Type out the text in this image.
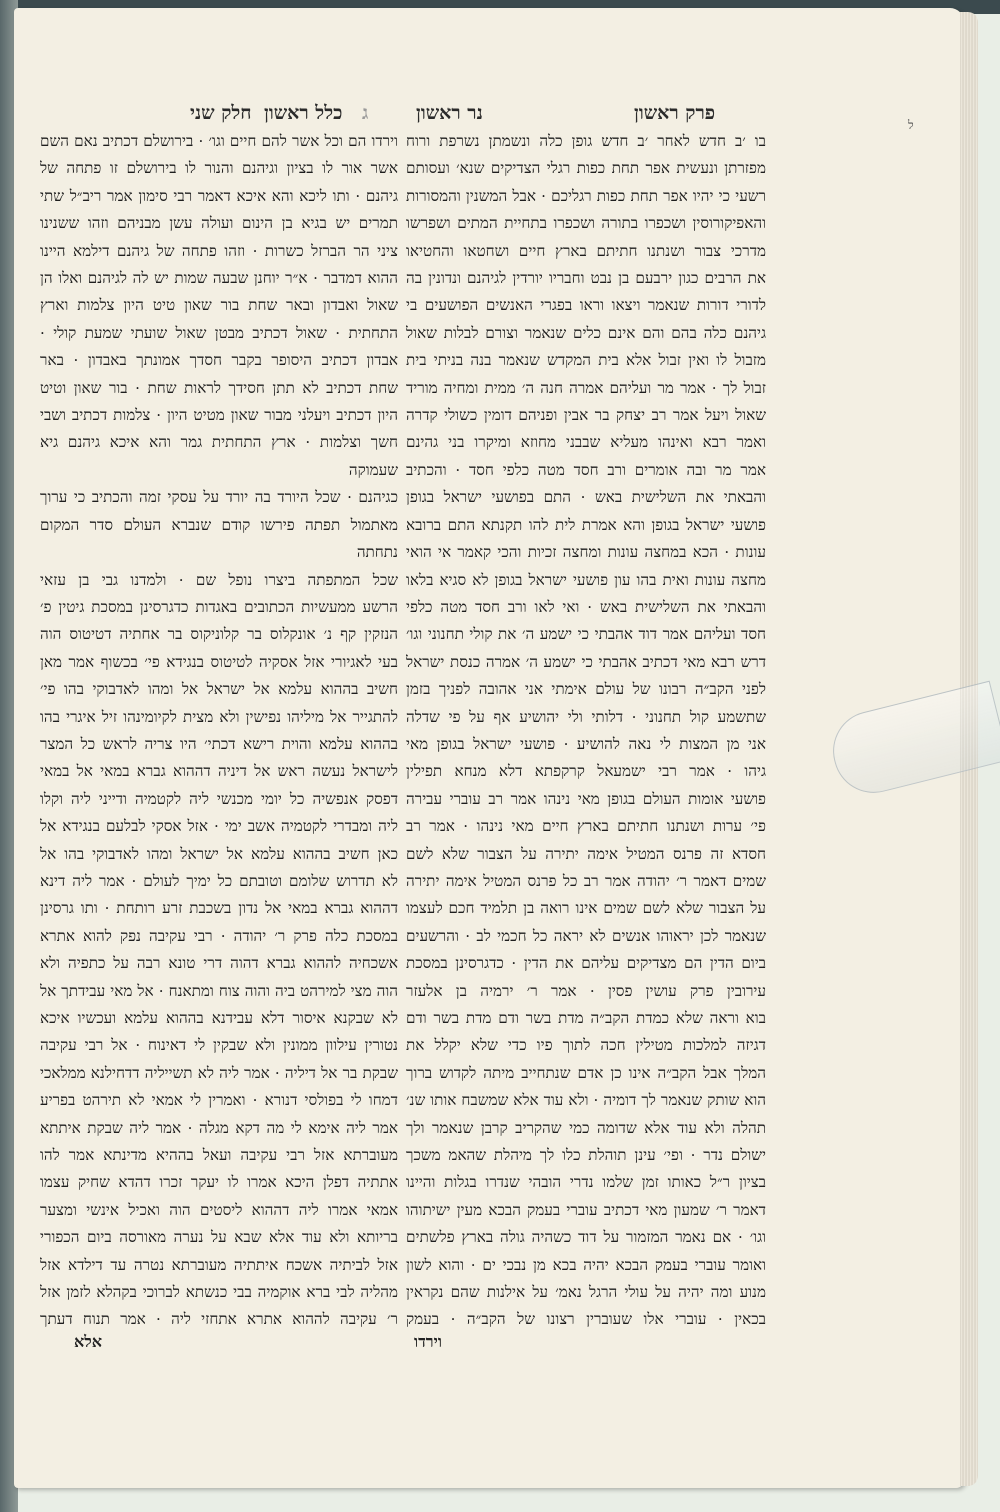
ל
פרק ראשון
נר ראשון
ג
כלל ראשון
חלק שני

בו ׳ב חדש לאחר ׳ב חדש גופן כלה ונשמתן נשרפת ורוח

מפזרתן ונעשית אפר תחת כפות רגלי הצדיקים שנא׳ ועסותם

רשעי כי יהיו אפר תחת כפות רגליכם · אבל המשנין והמסורות

והאפיקורוסין ושכפרו בתורה ושכפרו בתחיית המתים ושפרשו

מדרכי צבור ושנתנו חתיתם בארץ חיים ושחטאו והחטיאו

את הרבים כגון ירבעם בן נבט וחבריו יורדין לגיהנם ונדונין בה

לדורי דורות שנאמר ויצאו וראו בפגרי האנשים הפושעים בי

גיהנם כלה בהם והם אינם כלים שנאמר וצורם לבלות שאול

מזבול לו ואין זבול אלא בית המקדש שנאמר בנה בניתי בית

זבול לך · אמר מר ועליהם אמרה חנה ה׳ ממית ומחיה מוריד

שאול ויעל אמר רב יצחק בר אבין ופניהם דומין כשולי קדרה

ואמר רבא ואינהו מעליא שבבני מחוזא ומיקרו בני גהינם

אמר מר ובה אומרים ורב חסד מטה כלפי חסד · והכתיב

והבאתי את השלישית באש · התם בפושעי ישראל בגופן

פושעי ישראל בגופן והא אמרת לית להו תקנתא התם ברובא

עונות · הכא במחצה עונות ומחצה זכיות והכי קאמר אי הואי

מחצה עונות ואית בהו עון פושעי ישראל בגופן לא סגיא בלאו

והבאתי את השלישית באש · ואי לאו ורב חסד מטה כלפי

חסד ועליהם אמר דוד אהבתי כי ישמע ה׳ את קולי תחנוני וגו׳

דרש רבא מאי דכתיב אהבתי כי ישמע ה׳ אמרה כנסת ישראל

לפני הקב״ה רבונו של עולם אימתי אני אהובה לפניך בזמן

שתשמע קול תחנוני · דלותי ולי יהושיע אף על פי שדלה

אני מן המצות לי נאה להושיע · פושעי ישראל בגופן מאי

גיהו · אמר רבי ישמעאל קרקפתא דלא מנחא תפילין

פושעי אומות העולם בגופן מאי נינהו אמר רב עוברי עבירה

פי׳ ערות ושנתנו חתיתם בארץ חיים מאי נינהו · אמר רב

חסדא זה פרנס המטיל אימה יתירה על הצבור שלא לשם

שמים דאמר ר׳ יהודה אמר רב כל פרנס המטיל אימה יתירה

על הצבור שלא לשם שמים אינו רואה בן תלמיד חכם לעצמו

שנאמר לכן יראוהו אנשים לא יראה כל חכמי לב · והרשעים

ביום הדין הם מצדיקים עליהם את הדין · כדגרסינן במסכת

עירובין פרק עושין פסין · אמר ר׳ ירמיה בן אלעזר

בוא וראה שלא כמדת הקב״ה מדת בשר ודם מדת בשר ודם

דגיזה למלכות מטילין חכה לתוך פיו כדי שלא יקלל את

המלך אבל הקב״ה אינו כן אדם שנתחייב מיתה לקדוש ברוך

הוא שותק שנאמר לך דומיה · ולא עוד אלא שמשבח אותו שנ׳

תהלה ולא עוד אלא שדומה כמי שהקריב קרבן שנאמר ולך

ישולם נדר · ופי׳ עינן תוהלת כלו לך מיהלת שהאמ משכך

בציון ר״ל כאותו זמן שלמו נדרי הובהי שנדרו בגלות והיינו

דאמר ר׳ שמעון מאי דכתיב עוברי בעמק הבכא מעין ישיתוהו

וגו׳ · אם נאמר המזמור על דוד כשהיה גולה בארץ פלשתים

ואומר עוברי בעמק הבכא יהיה בכא מן נבכי ים · והוא לשון

מנוע ומה יהיה על עולי הרגל נאמ׳ על אילנות שהם נקראין

בכאין · עוברי אלו שעוברין רצונו של הקב״ה · בעמק

וירדו הם וכל אשר להם חיים וגו׳ · בירושלם דכתיב נאם השם

אשר אור לו בציון וגיהנם והנור לו בירושלם זו פתחה של

גיהנם · ותו ליכא והא איכא דאמר רבי סימון אמר ריב״ל שתי

תמרים יש בגיא בן הינום ועולה עשן מבניהם וזהו ששנינו

ציני הר הברזל כשרות · וזהו פתחה של גיהנם דילמא היינו

ההוא דמדבר · א״ר יוחנן שבעה שמות יש לה לגיהנם ואלו הן

שאול ואבדון ובאר שחת בור שאון טיט היון צלמות וארץ

התחתית · שאול דכתיב מבטן שאול שועתי שמעת קולי ·

אבדון דכתיב היסופר בקבר חסדך אמונתך באבדון · באר

שחת דכתיב לא תתן חסידך לראות שחת · בור שאון וטיט

היון דכתיב ויעלני מבור שאון מטיט היון · צלמות דכתיב ושבי

חשך וצלמות · ארץ התחתית גמר והא איכא גיהנם גיא שעמוקה

כגיהנם · שכל היורד בה יורד על עסקי זמה והכתיב כי ערוך

מאתמול תפתה פירשו קודם שנברא העולם סדר המקום נתחתה

שכל המתפתה ביצרו נופל שם · ולמדנו גבי בן עזאי

הרשע ממעשיות הכתובים באגדות כדגרסינן במסכת גיטין פ׳

הנזקין קף נ׳ אונקלוס בר קלוניקוס בר אחתיה דטיטוס הוה

בעי לאגיורי אזל אסקיה לטיטוס בנגידא פי׳ בכשוף אמר מאן

חשיב בההוא עלמא אל ישראל אל ומהו לאדבוקי בהו פי׳

להתגייר אל מיליהו נפישין ולא מצית לקיומינהו זיל איגרי בהו

בההוא עלמא והוית רישא דכתי׳ היו צריה לראש כל המצר

לישראל נעשה ראש אל דיניה דההוא גברא במאי אל במאי

דפסק אנפשיה כל יומי מכנשי ליה לקטמיה ודייני ליה וקלו

ליה ומבדרי לקטמיה אשב ימי · אזל אסקי לבלעם בנגידא אל

כאן חשיב בההוא עלמא אל ישראל ומהו לאדבוקי בהו אל

לא תדרוש שלומם וטובתם כל ימיך לעולם · אמר ליה דינא

דההוא גברא במאי אל נדון בשכבת זרע רותחת · ותו גרסינן

במסכת כלה פרק ר׳ יהודה · רבי עקיבה נפק להוא אתרא

אשכחיה לההוא גברא דהוה דרי טונא רבה על כתפיה ולא

הוה מצי למירהט ביה והוה צוח ומתאנח · אל מאי עבידתך אל

לא שבקנא איסור דלא עבידנא בההוא עלמא ועכשיו איכא

נטורין עילוון ממונין ולא שבקין לי דאינוח · אל רבי עקיבה

שבקת בר אל דיליה · אמר ליה לא תשייליה דדחילנא ממלאכי

דמחו לי בפולסי דנורא · ואמרין לי אמאי לא תירהט בפריע

אמר ליה אימא לי מה דקא מגלה · אמר ליה שבקת איתתא

מעוברתא אזל רבי עקיבה ועאל בההיא מדינתא אמר להו

אתתיה דפלן היכא אמרו לו יעקר זכרו דהדא שחיק עצמו

אמאי אמרו ליה דההוא ליסטים הוה ואכיל אינשי ומצער

בריותא ולא עוד אלא שבא על נערה מאורסה ביום הכפורי

אזל לביתיה אשכח איתתיה מעוברתא נטרה עד דילדא אזל

מהליה לבי ברא אוקמיה בבי כנשתא לברוכי בקהלא לזמן אזל

ר׳ עקיבה לההוא אתרא אתחזי ליה · אמר תנוח דעתך

וירדו
אלא
